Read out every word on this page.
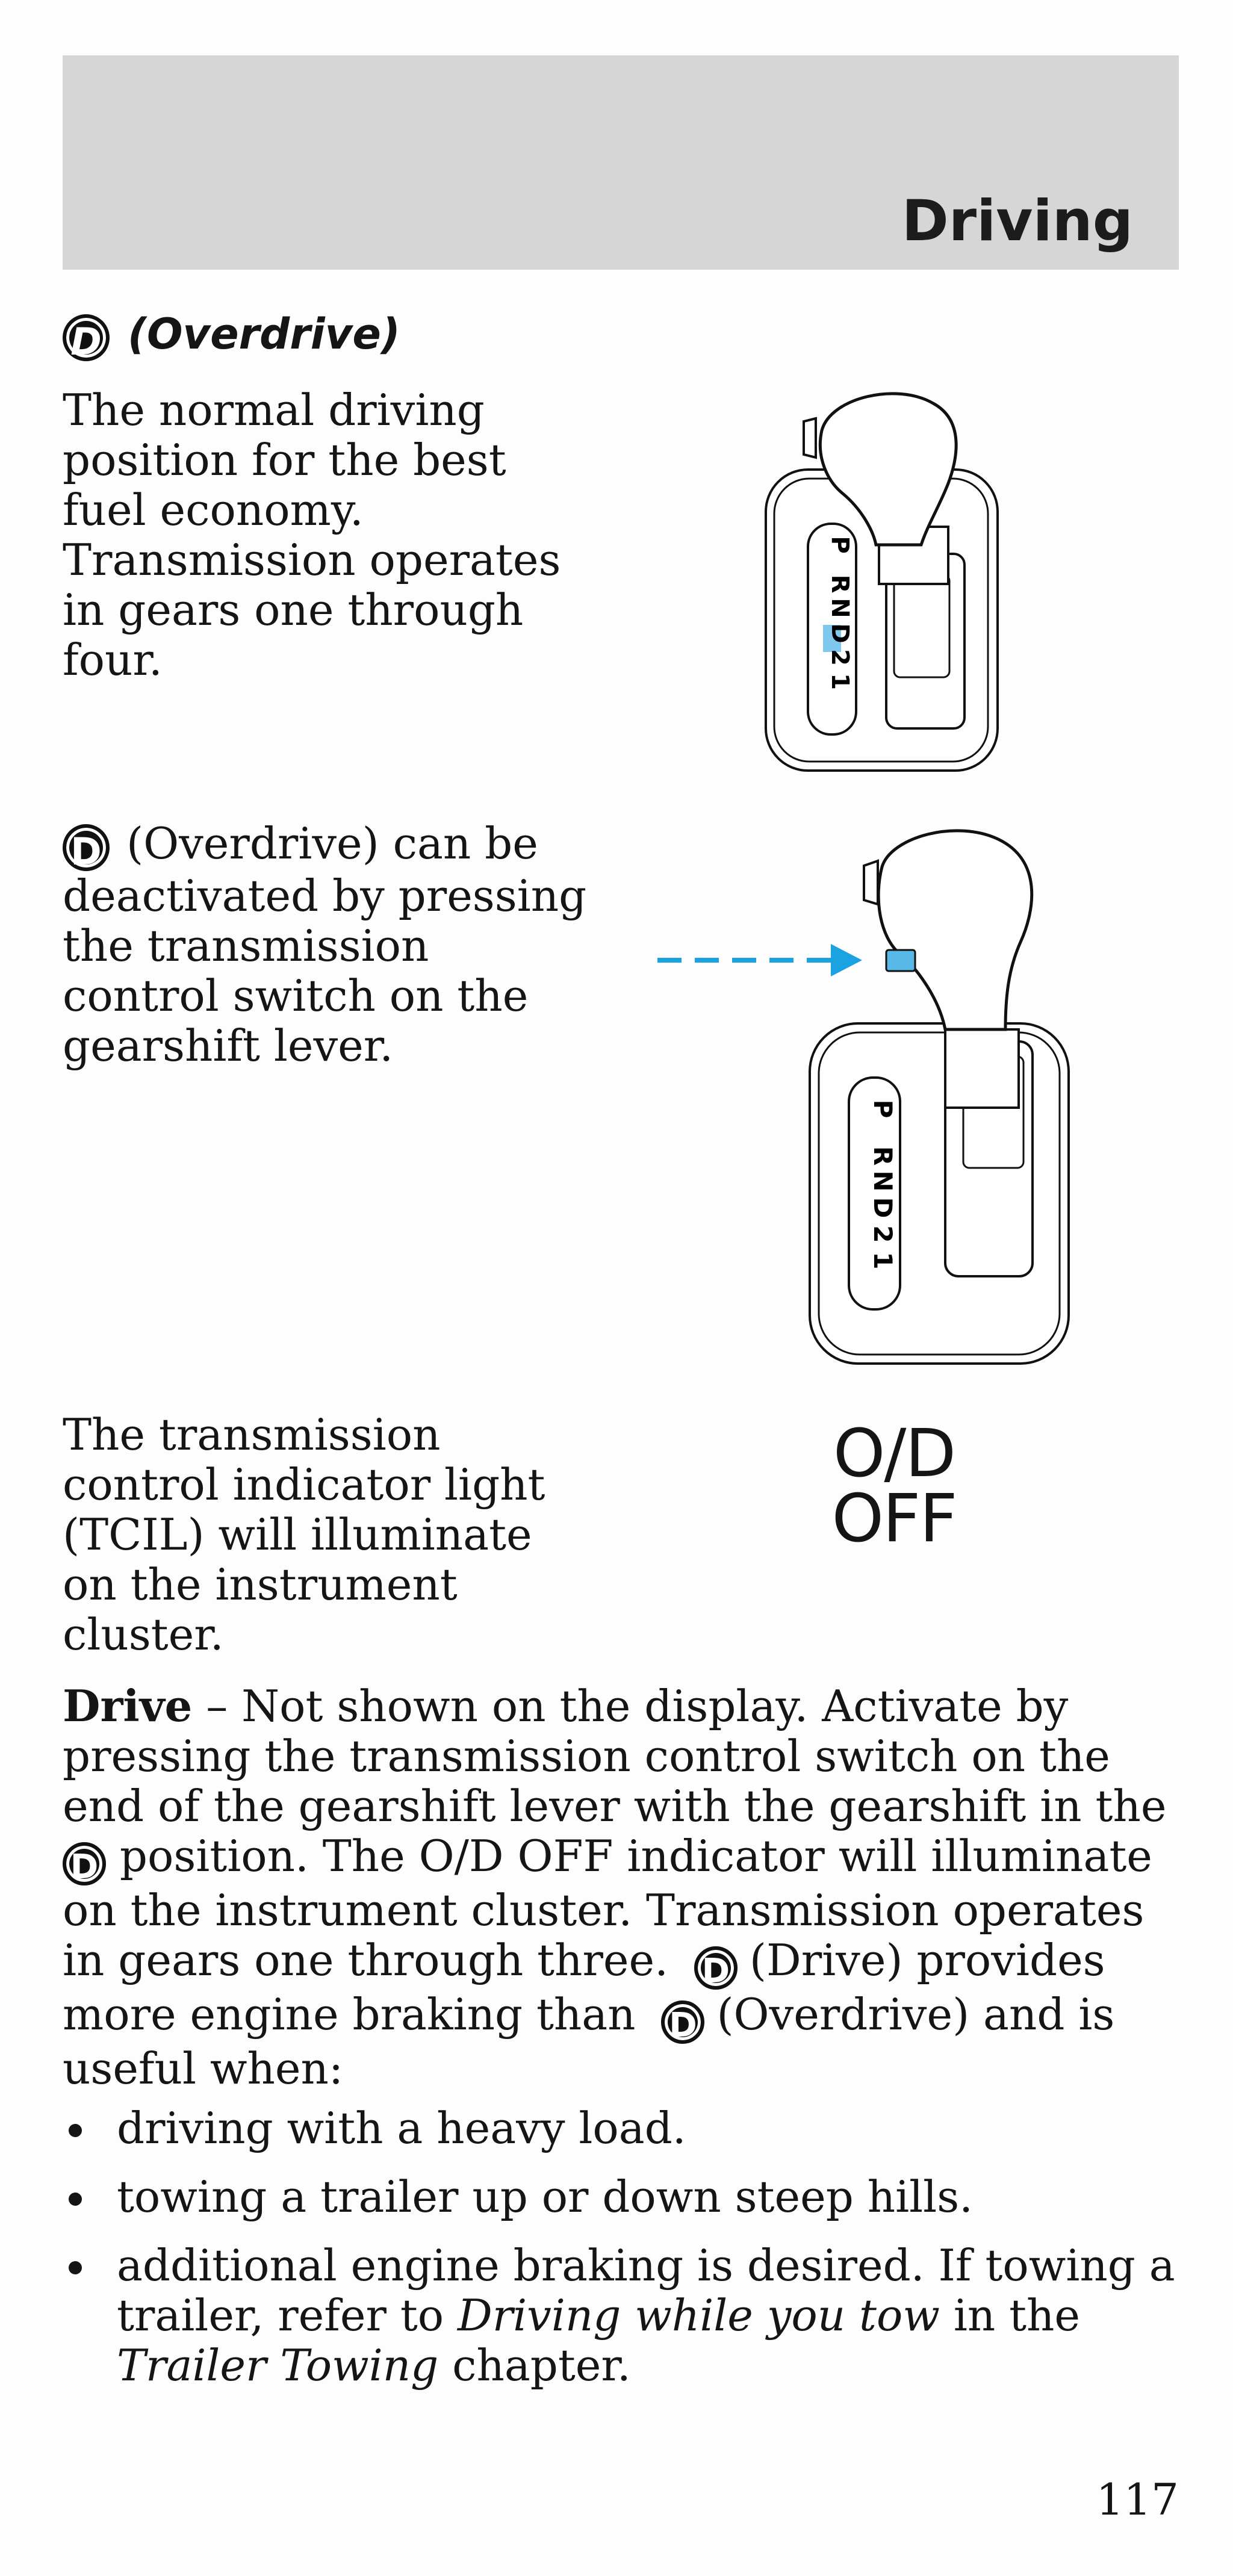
Driving
D (Overdrive)
The normal driving
position for the best
fuel economy.
Transmission operates
in gears one through
four.
P
R
N
D
2
1
D (Overdrive) can be
deactivated by pressing
the transmission
control switch on the
gearshift lever.
P
R
N
D
2
1
The transmission
control indicator light
(TCIL) will illuminate
on the instrument
cluster.
O/D
OFF
Drive – Not shown on the display. Activate by pressing the transmission control switch on the end of the gearshift lever with the gearshift in the D position. The O/D OFF indicator will illuminate on the instrument cluster. Transmission operates in gears one through three. D (Drive) provides more engine braking than D (Overdrive) and is useful when:
driving with a heavy load.
towing a trailer up or down steep hills.
additional engine braking is desired. If towing a trailer, refer to Driving while you tow in the Trailer Towing chapter.
117
